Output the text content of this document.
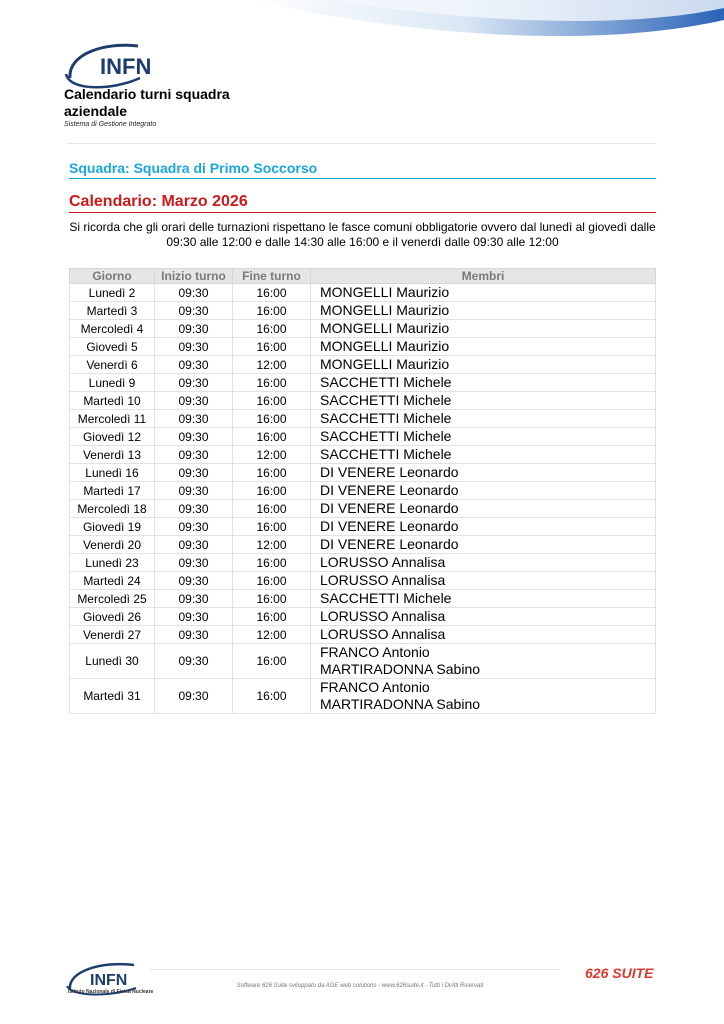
INFN
Calendario turni squadra aziendale
Sistema di Gestione Integrato
Squadra: Squadra di Primo Soccorso
Calendario: Marzo 2026
Si ricorda che gli orari delle turnazioni rispettano le fasce comuni obbligatorie ovvero dal lunedì al giovedì dalle 09:30 alle 12:00 e dalle 14:30 alle 16:00 e il venerdì dalle 09:30 alle 12:00
Giorno	Inizio turno	Fine turno	Membri
Lunedì 2	09:30	16:00	MONGELLI Maurizio

Martedì 3	09:30	16:00	MONGELLI Maurizio

Mercoledì 4	09:30	16:00	MONGELLI Maurizio

Giovedì 5	09:30	16:00	MONGELLI Maurizio

Venerdì 6	09:30	12:00	MONGELLI Maurizio

Lunedì 9	09:30	16:00	SACCHETTI Michele

Martedì 10	09:30	16:00	SACCHETTI Michele

Mercoledì 11	09:30	16:00	SACCHETTI Michele

Giovedì 12	09:30	16:00	SACCHETTI Michele

Venerdì 13	09:30	12:00	SACCHETTI Michele

Lunedì 16	09:30	16:00	DI VENERE Leonardo

Martedì 17	09:30	16:00	DI VENERE Leonardo

Mercoledì 18	09:30	16:00	DI VENERE Leonardo

Giovedì 19	09:30	16:00	DI VENERE Leonardo

Venerdì 20	09:30	12:00	DI VENERE Leonardo

Lunedì 23	09:30	16:00	LORUSSO Annalisa

Martedì 24	09:30	16:00	LORUSSO Annalisa

Mercoledì 25	09:30	16:00	SACCHETTI Michele

Giovedì 26	09:30	16:00	LORUSSO Annalisa

Venerdì 27	09:30	12:00	LORUSSO Annalisa

Lunedì 30	09:30	16:00	FRANCO Antonio
MARTIRADONNA Sabino

Martedì 31	09:30	16:00	FRANCO Antonio
MARTIRADONNA Sabino
INFN
Istituto Nazionale di Fisica Nucleare
Software 626 Suite sviluppato da AGE web solutions - www.626suite.it - Tutti i Diritti Riservati
626 SUITE
